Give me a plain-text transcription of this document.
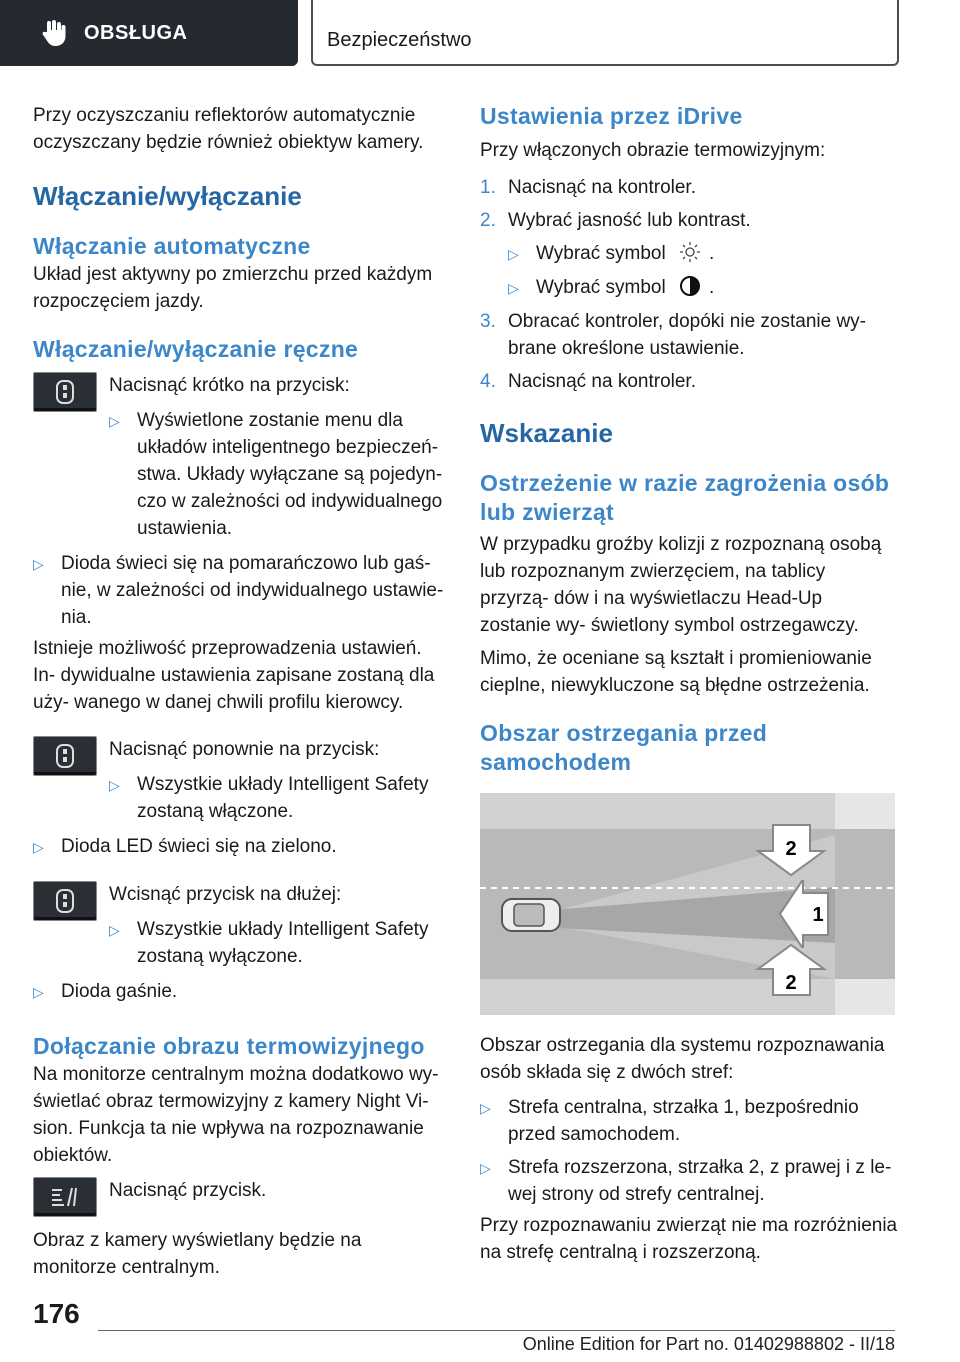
OBSŁUGA	Bezpieczeństwo

Przy oczyszczaniu reflektorów automatycznie oczyszczany będzie również obiektyw kamery.

Włączanie/wyłączanie
Włączanie automatyczne

Układ jest aktywny po zmierzchu przed każdym rozpoczęciem jazdy.

Włączanie/wyłączanie ręczne

Nacisnąć krótko na przycisk:

▷ Wyświetlone zostanie menu dla układów inteligentnego bezpieczeń- stwa. Układy wyłączane są pojedyn- czo w zależności od indywidualnego ustawienia.
▷ Dioda świeci się na pomarańczowo lub gaś- nie, w zależności od indywidualnego ustawie- nia.

Istnieje możliwość przeprowadzenia ustawień. In- dywidualne ustawienia zapisane zostaną dla uży- wanego w danej chwili profilu kierowcy.

Nacisnąć ponownie na przycisk:

▷ Wszystkie układy Intelligent Safety zostaną włączone.
▷ Dioda LED świeci się na zielono.

Wcisnąć przycisk na dłużej:

▷ Wszystkie układy Intelligent Safety zostaną wyłączone.
▷ Dioda gaśnie.
Dołączanie obrazu termowizyjnego

Na monitorze centralnym można dodatkowo wy- świetlać obraz termowizyjny z kamery Night Vi- sion. Funkcja ta nie wpływa na rozpoznawanie obiektów.

Nacisnąć przycisk.

Obraz z kamery wyświetlany będzie na monitorze centralnym.

Ustawienia przez iDrive

Przy włączonych obrazie termowizyjnym:

1. Nacisnąć na kontroler.
2. Wybrać jasność lub kontrast.
▷ Wybrać symbol .
▷ Wybrać symbol .
3. Obracać kontroler, dopóki nie zostanie wy- brane określone ustawienie.
4. Nacisnąć na kontroler.
Wskazanie
Ostrzeżenie w razie zagrożenia osób lub zwierząt

W przypadku groźby kolizji z rozpoznaną osobą lub rozpoznanym zwierzęciem, na tablicy przyrzą- dów i na wyświetlaczu Head-Up zostanie wy- świetlony symbol ostrzegawczy.

Mimo, że oceniane są kształt i promieniowanie cieplne, niewykluczone są błędne ostrzeżenia.

Obszar ostrzegania przed samochodem
2
1
2

Obszar ostrzegania dla systemu rozpoznawania osób składa się z dwóch stref:

▷ Strefa centralna, strzałka 1, bezpośrednio przed samochodem.
▷ Strefa rozszerzona, strzałka 2, z prawej i z le- wej strony od strefy centralnej.

Przy rozpoznawaniu zwierząt nie ma rozróżnienia na strefę centralną i rozszerzoną.

176
Online Edition for Part no. 01402988802 - II/18
